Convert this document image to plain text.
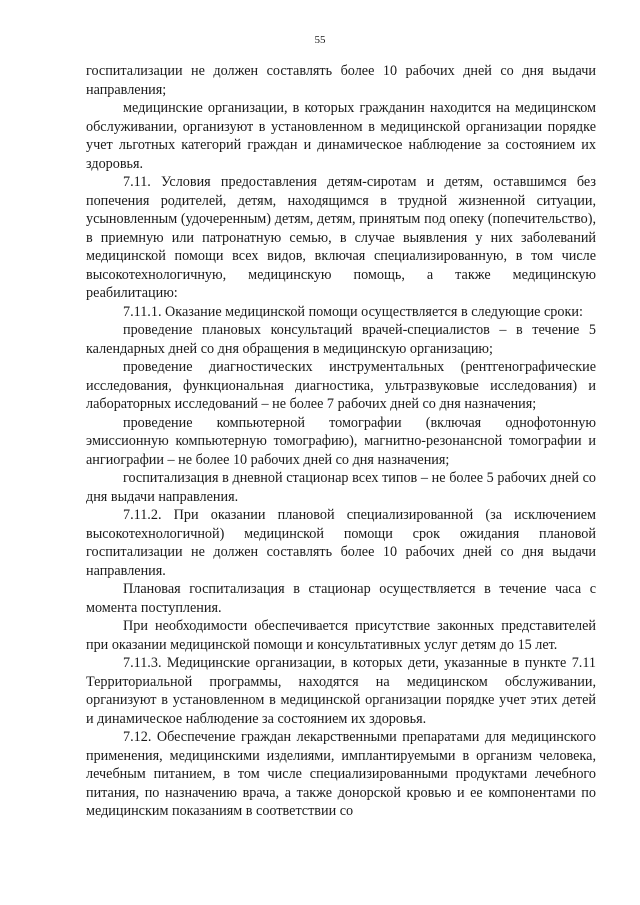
55

госпитализации не должен составлять более 10 рабочих дней со дня выдачи направления;

медицинские организации, в которых гражданин находится на медицинском обслуживании, организуют в установленном в медицинской организации порядке учет льготных категорий граждан и динамическое наблюдение за состоянием их здоровья.

7.11. Условия предоставления детям-сиротам и детям, оставшимся без попечения родителей, детям, находящимся в трудной жизненной ситуации, усыновленным (удочеренным) детям, детям, принятым под опеку (попечительство), в приемную или патронатную семью, в случае выявления у них заболеваний медицинской помощи всех видов, включая специализированную, в том числе высокотехнологичную, медицинскую помощь, а также медицинскую реабилитацию:

7.11.1. Оказание медицинской помощи осуществляется в следующие сроки:

проведение плановых консультаций врачей-специалистов – в течение 5 календарных дней со дня обращения в медицинскую организацию;

проведение диагностических инструментальных (рентгенографические исследования, функциональная диагностика, ультразвуковые исследования) и лабораторных исследований – не более 7 рабочих дней со дня назначения;

проведение компьютерной томографии (включая однофотонную эмиссионную компьютерную томографию), магнитно-резонансной томографии и ангиографии – не более 10 рабочих дней со дня назначения;

госпитализация в дневной стационар всех типов – не более 5 рабочих дней со дня выдачи направления.

7.11.2. При оказании плановой специализированной (за исключением высокотехнологичной) медицинской помощи срок ожидания плановой госпитализации не должен составлять более 10 рабочих дней со дня выдачи направления.

Плановая госпитализация в стационар осуществляется в течение часа с момента поступления.

При необходимости обеспечивается присутствие законных представителей при оказании медицинской помощи и консультативных услуг детям до 15 лет.

7.11.3. Медицинские организации, в которых дети, указанные в пункте 7.11 Территориальной программы, находятся на медицинском обслуживании, организуют в установленном в медицинской организации порядке учет этих детей и динамическое наблюдение за состоянием их здоровья.

7.12. Обеспечение граждан лекарственными препаратами для медицинского применения, медицинскими изделиями, имплантируемыми в организм человека, лечебным питанием, в том числе специализированными продуктами лечебного питания, по назначению врача, а также донорской кровью и ее компонентами по медицинским показаниям в соответствии со
